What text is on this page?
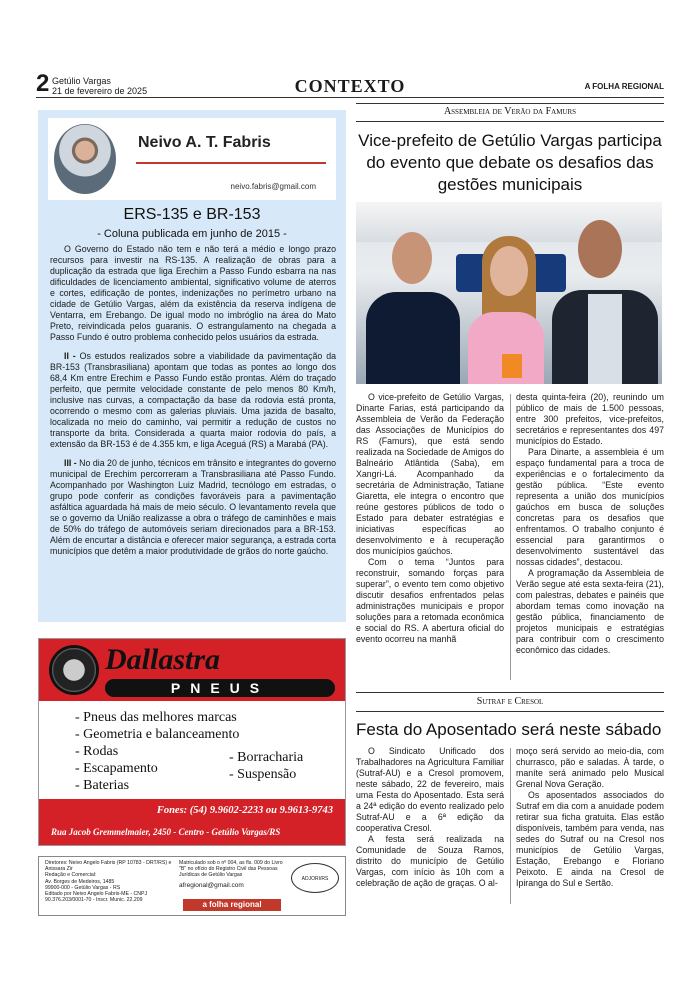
2 Getúlio Vargas
21 de fevereiro de 2025	CONTEXTO	A FOLHA REGIONAL
Neivo A. T. Fabris
neivo.fabris@gmail.com
ERS-135 e BR-153
- Coluna publicada em junho de 2015 -

O Governo do Estado não tem e não terá a médio e longo prazo recursos para investir na RS-135. A realização de obras para a duplicação da estrada que liga Erechim a Passo Fundo esbarra na nas dificuldades de licenciamento ambiental, significativo volume de aterros e cortes, edificação de pontes, indenizações no perímetro urbano na cidade de Getúlio Vargas, além da existência da reserva indígena de Ventarra, em Erebango. De igual modo no imbróglio na área do Mato Preto, reivindicada pelos guaranis. O estrangulamento na chegada a Passo Fundo é outro problema conhecido pelos usuários da estrada.

II - Os estudos realizados sobre a viabilidade da pavimentação da BR-153 (Transbrasiliana) apontam que todas as pontes ao longo dos 68,4 Km entre Erechim e Passo Fundo estão prontas. Além do traçado perfeito, que permite velocidade constante de pelo menos 80 Km/h, inclusive nas curvas, a compactação da base da rodovia está pronta, ocorrendo o mesmo com as galerias pluviais. Uma jazida de basalto, localizada no meio do caminho, vai permitir a redução de custos no transporte da brita. Considerada a quarta maior rodovia do país, a extensão da BR-153 é de 4.355 km, e liga Aceguá (RS) a Marabá (PA).

III - No dia 20 de junho, técnicos em trânsito e integrantes do governo municipal de Erechim percorreram a Transbrasiliana até Passo Fundo. Acompanhado por Washington Luiz Madrid, tecnólogo em estradas, o grupo pode conferir as condições favoráveis para a pavimentação asfáltica aguardada há mais de meio século. O levantamento revela que se o governo da União realizasse a obra o tráfego de caminhões e mais de 50% do tráfego de automóveis seriam direcionados para a BR-153. Além de encurtar a distância e oferecer maior segurança, a estrada corta municípios que detêm a maior produtividade de grãos do norte gaúcho.

Dallastra
PNEUS
- Pneus das melhores marcas
- Geometria e balanceamento
- Rodas
- Escapamento
- Baterias
- Borracharia
- Suspensão
Fones: (54) 9.9602-2233 ou 9.9613-9743
Rua Jacob Gremmelmaier, 2450 - Centro - Getúlio Vargas/RS
Diretores: Neivo Angelo Fabris (RP 10783 - DRT/RS) e Anissara Zir
Redação e Comercial:
Av. Borges de Medeiros, 1485
99900-000 - Getúlio Vargas - RS
Editado por Neivo Angelo Fabris-ME - CNPJ 90.376.203/0001-70 - Inscr. Munic. 22.209
Matriculado sob o nº 004, as fls. 009 do Livro "B" no ofício do Registro Civil das Pessoas Jurídicas de Getúlio Vargas
afregional@gmail.com
a folha regional
ADJORI/RS
Assembleia de Verão da Famurs
Vice-prefeito de Getúlio Vargas participa do evento que debate os desafios das gestões municipais

O vice-prefeito de Getúlio Vargas, Dinarte Farias, está participando da Assembleia de Verão da Federação das Associações de Municípios do RS (Famurs), que está sendo realizada na Sociedade de Amigos do Balneário Atlântida (Saba), em Xangri-Lá. Acompanhado da secretária de Administração, Tatiane Giaretta, ele integra o encontro que reúne gestores públicos de todo o Estado para debater estratégias e iniciativas específicas ao desenvolvimento e à recuperação dos municípios gaúchos.

Com o tema “Juntos para reconstruir, somando forças para superar”, o evento tem como objetivo discutir desafios enfrentados pelas administrações municipais e propor soluções para a retomada econômica e social do RS. A abertura oficial do evento ocorreu na manhã

desta quinta-feira (20), reunindo um público de mais de 1.500 pessoas, entre 300 prefeitos, vice-prefeitos, secretários e representantes dos 497 municípios do Estado.

Para Dinarte, a assembleia é um espaço fundamental para a troca de experiências e o fortalecimento da gestão pública. “Este evento representa a união dos municípios gaúchos em busca de soluções concretas para os desafios que enfrentamos. O trabalho conjunto é essencial para garantirmos o desenvolvimento sustentável das nossas cidades”, destacou.

A programação da Assembleia de Verão segue até esta sexta-feira (21), com palestras, debates e painéis que abordam temas como inovação na gestão pública, financiamento de projetos municipais e estratégias para contribuir com o crescimento econômico das cidades.

Sutraf e Cresol
Festa do Aposentado será neste sábado

O Sindicato Unificado dos Trabalhadores na Agricultura Familiar (Sutraf-AU) e a Cresol promovem, neste sábado, 22 de fevereiro, mais uma Festa do Aposentado. Esta será a 24ª edição do evento realizado pelo Sutraf-AU e a 6ª edição da cooperativa Cresol.

A festa será realizada na Comunidade de Souza Ramos, distrito do município de Getúlio Vargas, com início às 10h com a celebração de ação de graças. O al-

moço será servido ao meio-dia, com churrasco, pão e saladas. À tarde, o maníte será animado pelo Musical Grenal Nova Geração.

Os aposentados associados do Sutraf em dia com a anuidade podem retirar sua ficha gratuita. Elas estão disponíveis, também para venda, nas sedes do Sutraf ou na Cresol nos municípios de Getúlio Vargas, Estação, Erebango e Floriano Peixoto. E ainda na Cresol de Ipiranga do Sul e Sertão.
